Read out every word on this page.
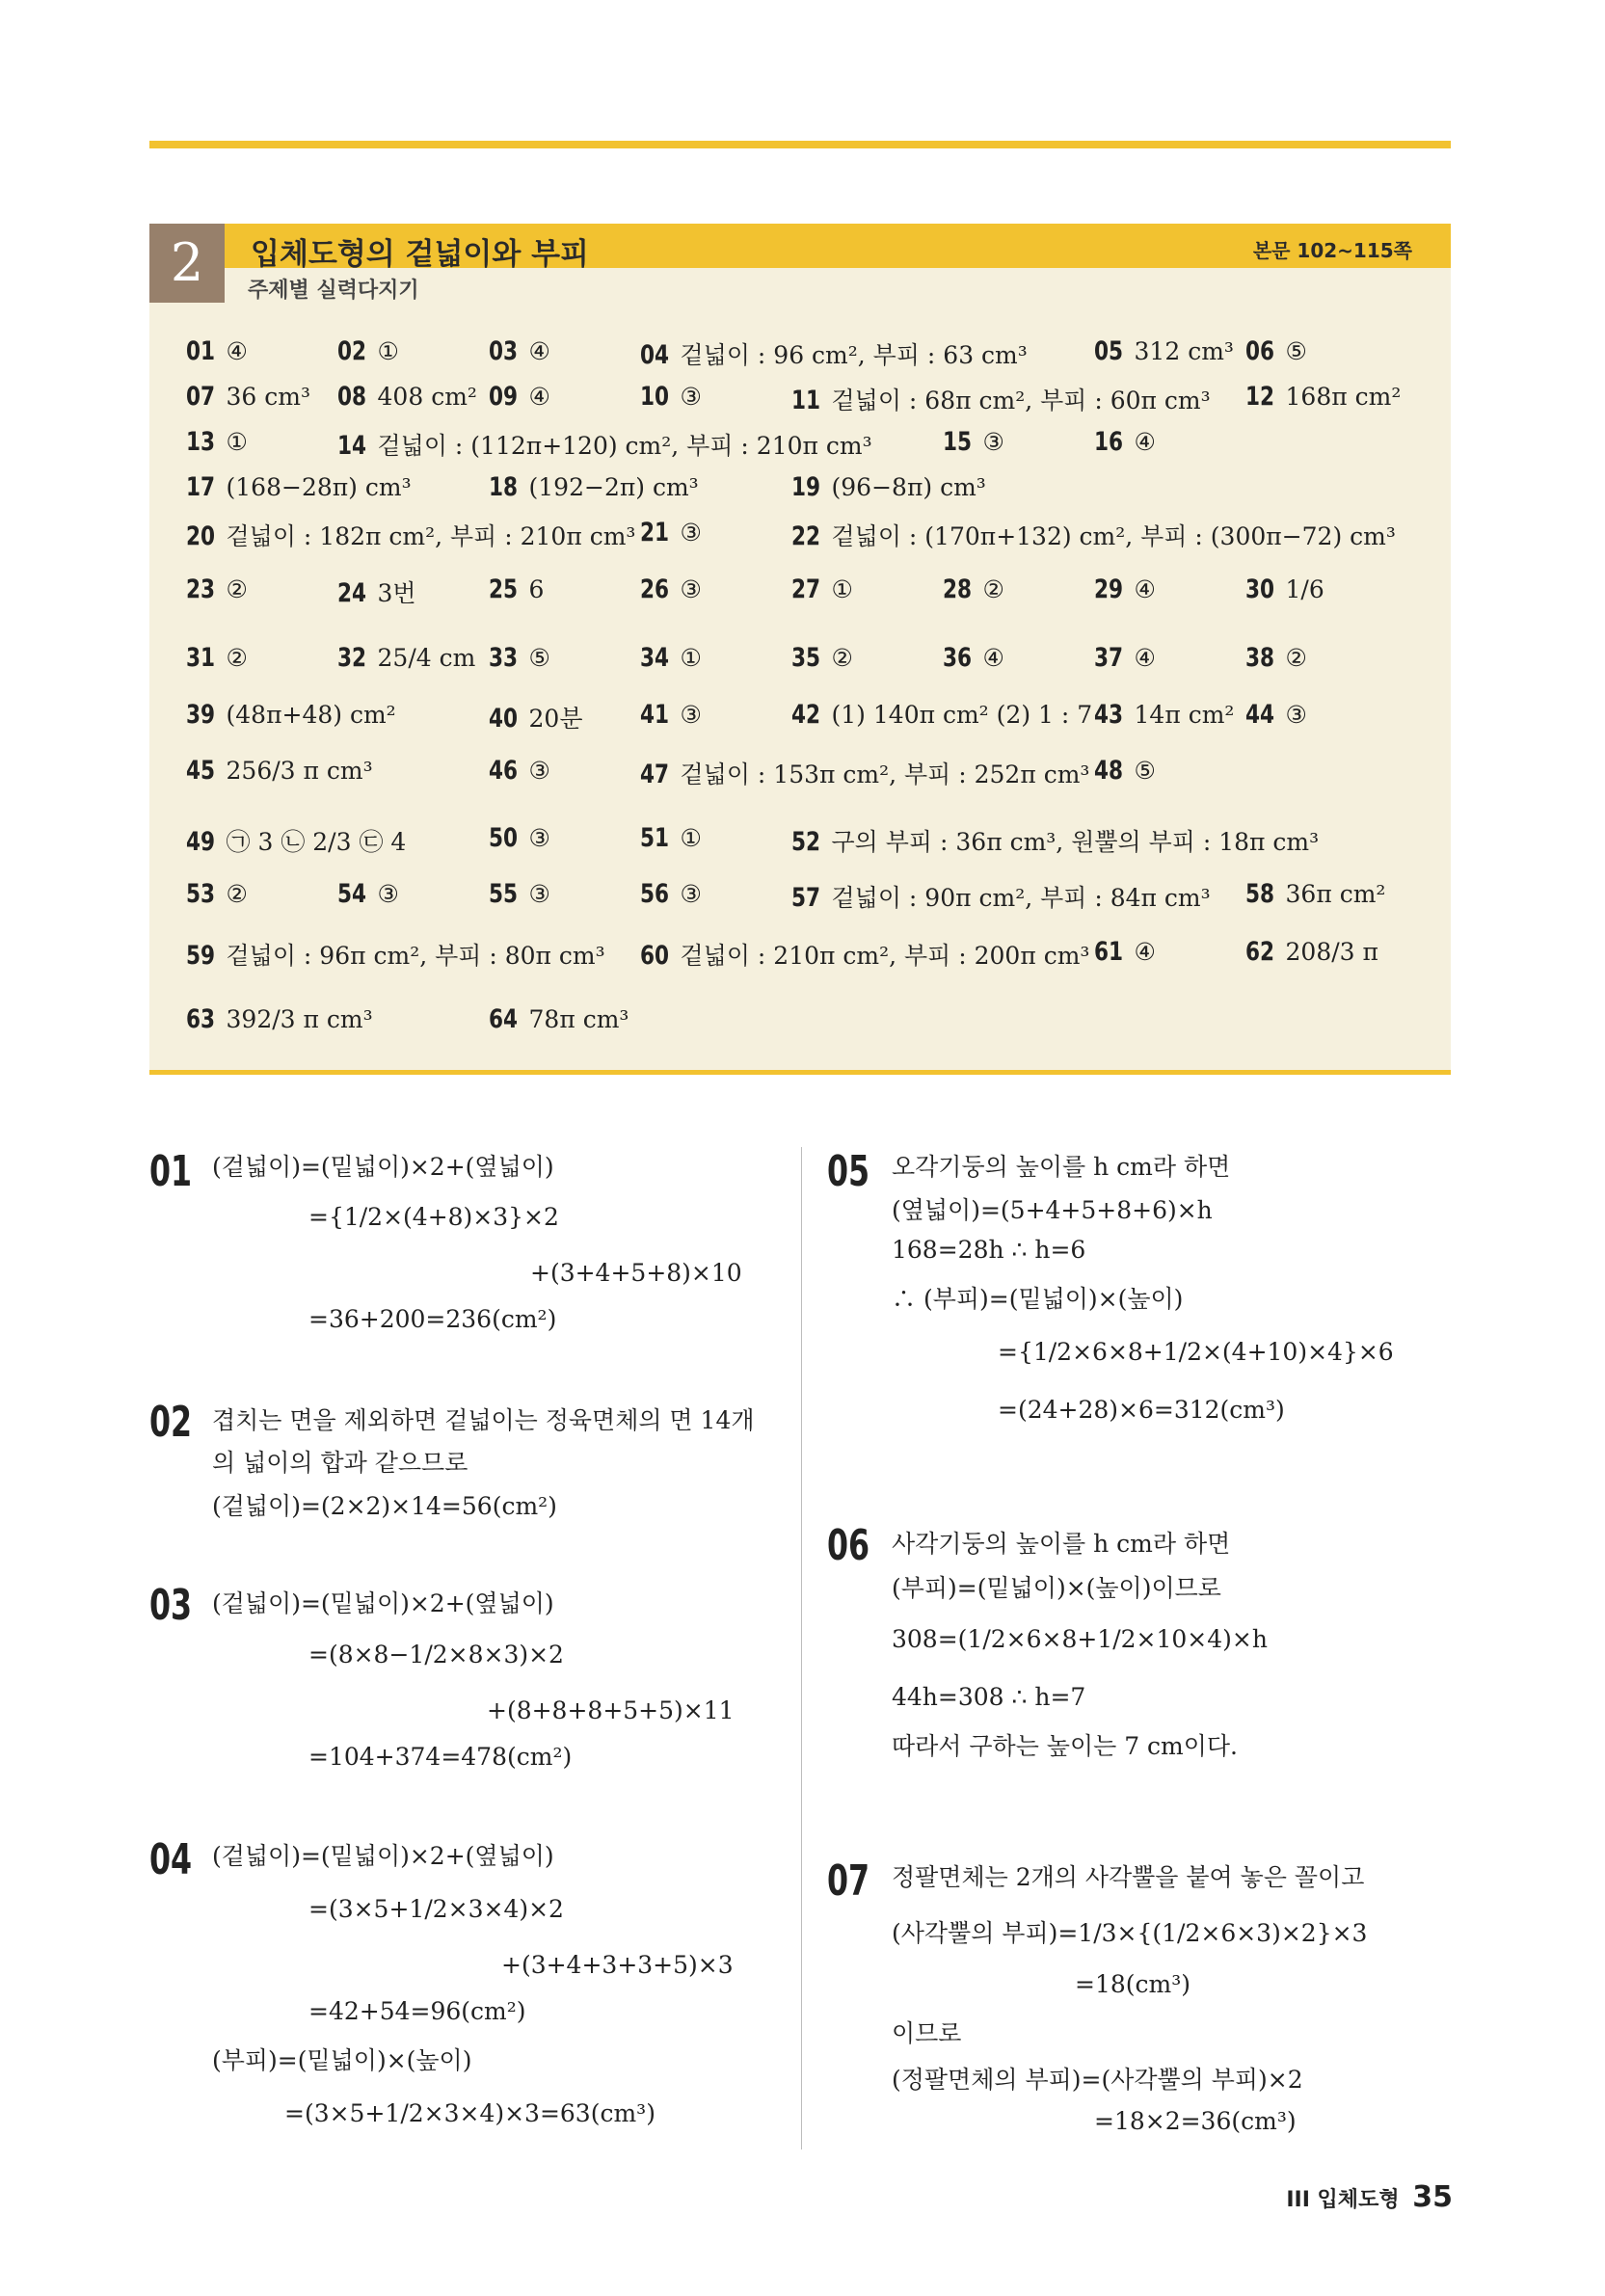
2	입체도형의 겉넓이와 부피	본문 102~115쪽
주제별 실력다지기
01 ④	02 ①	03 ④	04 겉넓이 : 96 cm², 부피 : 63 cm³	05 312 cm³ 06 ⑤
07 36 cm³ 08 408 cm² 09 ④	10 ③	11 겉넓이 : 68π cm², 부피 : 60π cm³ 12 168π cm²
13 ①	14 겉넓이 : (112π+120) cm², 부피 : 210π cm³	15 ③	16 ④
17 (168−28π) cm³	18 (192−2π) cm³	19 (96−8π) cm³
20 겉넓이 : 182π cm², 부피 : 210π cm³ 21 ③	22 겉넓이 : (170π+132) cm², 부피 : (300π−72) cm³
23 ②	24 3번	25 6	26 ③	27 ①	28 ②	29 ④	30 1/6
31 ②	32 25/4 cm 33 ⑤	34 ①	35 ②	36 ④	37 ④	38 ②
39 (48π+48) cm²	40 20분 41 ③	42 (1) 140π cm² (2) 1 : 7 43 14π cm² 44 ③
45 256/3 π cm³	46 ③	47 겉넓이 : 153π cm², 부피 : 252π cm³ 48 ⑤
49 ㉠ 3 ㉡ 2/3 ㉢ 4	50 ③	51 ①	52 구의 부피 : 36π cm³, 원뿔의 부피 : 18π cm³
53 ②	54 ③	55 ③	56 ③	57 겉넓이 : 90π cm², 부피 : 84π cm³ 58 36π cm²
59 겉넓이 : 96π cm², 부피 : 80π cm³ 60 겉넓이 : 210π cm², 부피 : 200π cm³ 61 ④	62 208/3 π
63 392/3 π cm³	64 78π cm³
01 (겉넓이)=(밑넓이)×2+(옆넓이)
={1/2×(4+8)×3}×2
+(3+4+5+8)×10
=36+200=236(cm²)
02 겹치는 면을 제외하면 겉넓이는 정육면체의 면 14개
의 넓이의 합과 같으므로
(겉넓이)=(2×2)×14=56(cm²)
03 (겉넓이)=(밑넓이)×2+(옆넓이)
=(8×8−1/2×8×3)×2
+(8+8+8+5+5)×11
=104+374=478(cm²)
04 (겉넓이)=(밑넓이)×2+(옆넓이)
=(3×5+1/2×3×4)×2
+(3+4+3+3+5)×3
=42+54=96(cm²)
(부피)=(밑넓이)×(높이)
=(3×5+1/2×3×4)×3=63(cm³)
05 오각기둥의 높이를 h cm라 하면
(옆넓이)=(5+4+5+8+6)×h
168=28h ∴ h=6
∴ (부피)=(밑넓이)×(높이)
={1/2×6×8+1/2×(4+10)×4}×6
=(24+28)×6=312(cm³)
06 사각기둥의 높이를 h cm라 하면
(부피)=(밑넓이)×(높이)이므로
308=(1/2×6×8+1/2×10×4)×h
44h=308 ∴ h=7
따라서 구하는 높이는 7 cm이다.
07 정팔면체는 2개의 사각뿔을 붙여 놓은 꼴이고
(사각뿔의 부피)=1/3×{(1/2×6×3)×2}×3
=18(cm³)
이므로
(정팔면체의 부피)=(사각뿔의 부피)×2
=18×2=36(cm³)
III 입체도형 35
